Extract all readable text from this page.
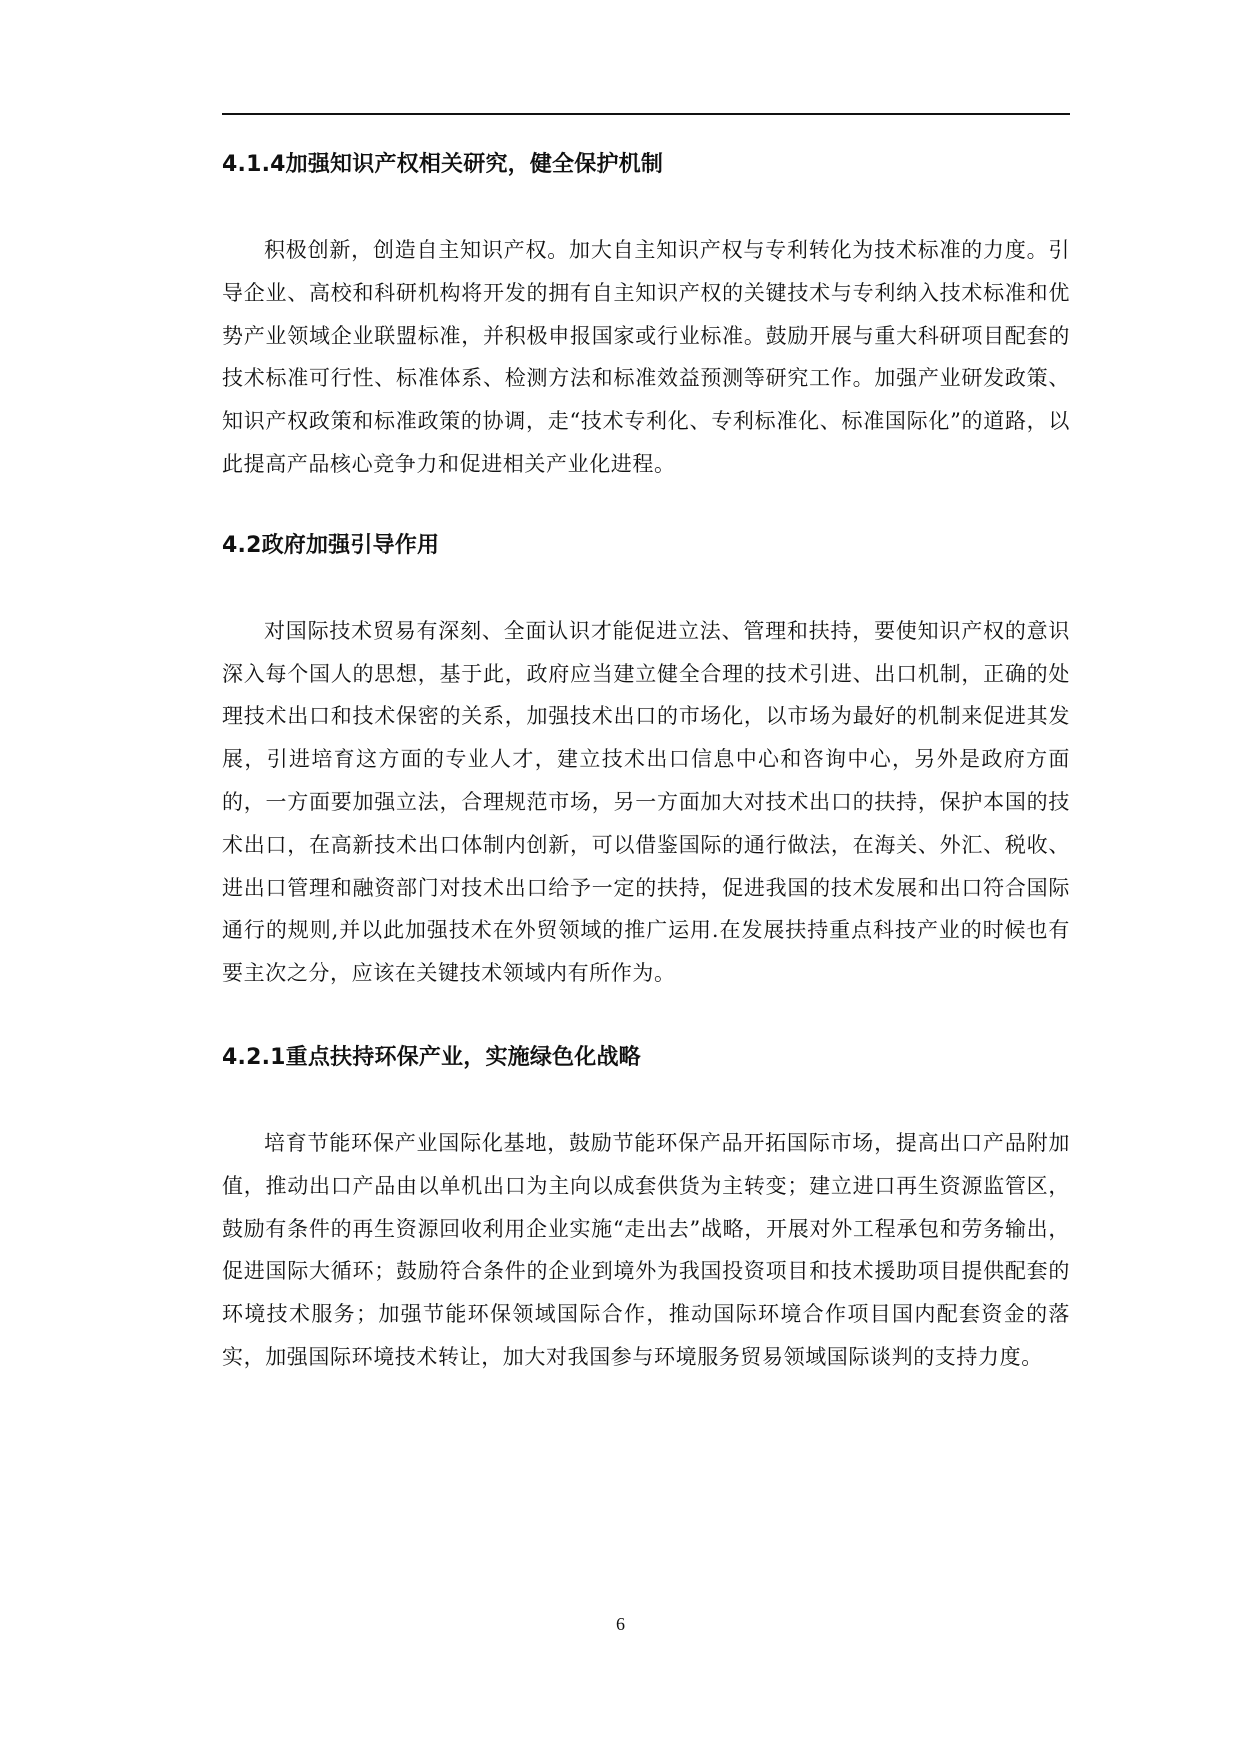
4.1.4加强知识产权相关研究，健全保护机制

积极创新，创造自主知识产权。加大自主知识产权与专利转化为技术标准的力度。引导企业、高校和科研机构将开发的拥有自主知识产权的关键技术与专利纳入技术标准和优势产业领域企业联盟标准，并积极申报国家或行业标准。鼓励开展与重大科研项目配套的技术标准可行性、标准体系、检测方法和标准效益预测等研究工作。加强产业研发政策、知识产权政策和标准政策的协调，走“技术专利化、专利标准化、标准国际化”的道路，以此提高产品核心竞争力和促进相关产业化进程。

4.2政府加强引导作用

对国际技术贸易有深刻、全面认识才能促进立法、管理和扶持，要使知识产权的意识深入每个国人的思想，基于此，政府应当建立健全合理的技术引进、出口机制，正确的处理技术出口和技术保密的关系，加强技术出口的市场化，以市场为最好的机制来促进其发展，引进培育这方面的专业人才，建立技术出口信息中心和咨询中心，另外是政府方面的，一方面要加强立法，合理规范市场，另一方面加大对技术出口的扶持，保护本国的技术出口，在高新技术出口体制内创新，可以借鉴国际的通行做法，在海关、外汇、税收、进出口管理和融资部门对技术出口给予一定的扶持，促进我国的技术发展和出口符合国际通行的规则,并以此加强技术在外贸领域的推广运用.在发展扶持重点科技产业的时候也有要主次之分，应该在关键技术领域内有所作为。

4.2.1重点扶持环保产业，实施绿色化战略

培育节能环保产业国际化基地，鼓励节能环保产品开拓国际市场，提高出口产品附加值，推动出口产品由以单机出口为主向以成套供货为主转变；建立进口再生资源监管区，鼓励有条件的再生资源回收利用企业实施“走出去”战略，开展对外工程承包和劳务输出，促进国际大循环；鼓励符合条件的企业到境外为我国投资项目和技术援助项目提供配套的环境技术服务；加强节能环保领域国际合作，推动国际环境合作项目国内配套资金的落实，加强国际环境技术转让，加大对我国参与环境服务贸易领域国际谈判的支持力度。

6
